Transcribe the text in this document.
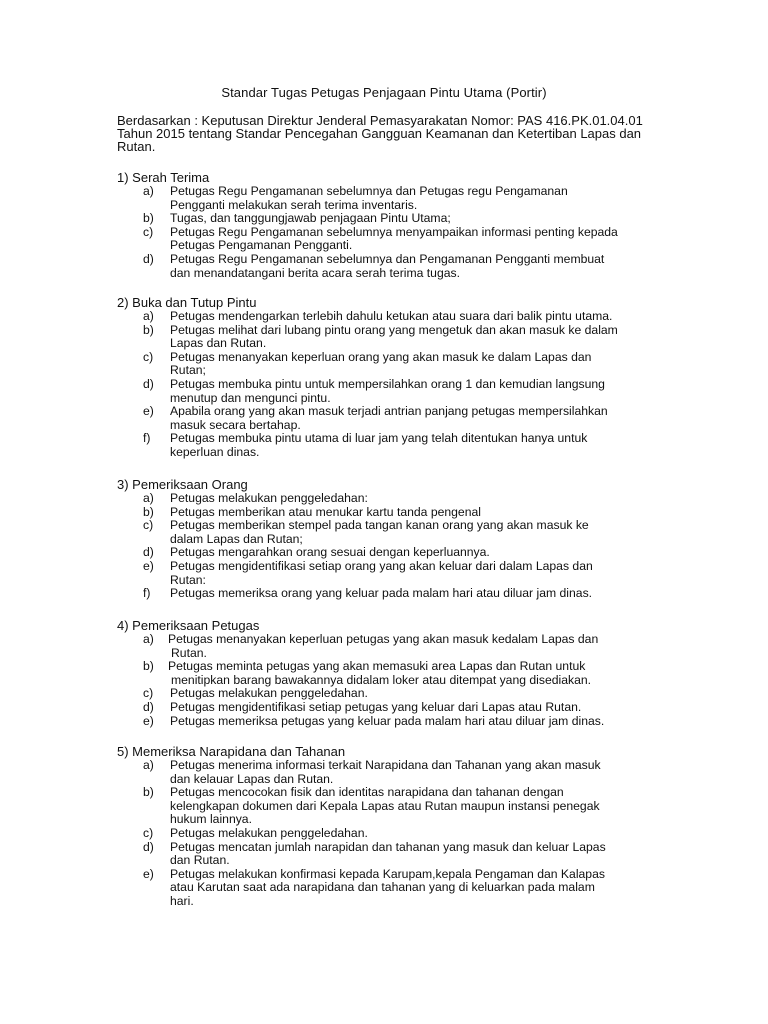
Standar Tugas Petugas Penjagaan Pintu Utama (Portir)
Berdasarkan : Keputusan Direktur Jenderal Pemasyarakatan Nomor: PAS 416.PK.01.04.01
Tahun 2015 tentang Standar Pencegahan Gangguan Keamanan dan Ketertiban Lapas dan
Rutan.
1) Serah Terima
a) Petugas Regu Pengamanan sebelumnya dan Petugas regu Pengamanan
Pengganti melakukan serah terima inventaris.
b) Tugas, dan tanggungjawab penjagaan Pintu Utama;
c) Petugas Regu Pengamanan sebelumnya menyampaikan informasi penting kepada
Petugas Pengamanan Pengganti.
d) Petugas Regu Pengamanan sebelumnya dan Pengamanan Pengganti membuat
dan menandatangani berita acara serah terima tugas.
2) Buka dan Tutup Pintu
a) Petugas mendengarkan terlebih dahulu ketukan atau suara dari balik pintu utama.
b) Petugas melihat dari lubang pintu orang yang mengetuk dan akan masuk ke dalam
Lapas dan Rutan.
c) Petugas menanyakan keperluan orang yang akan masuk ke dalam Lapas dan
Rutan;
d) Petugas membuka pintu untuk mempersilahkan orang 1 dan kemudian langsung
menutup dan mengunci pintu.
e) Apabila orang yang akan masuk terjadi antrian panjang petugas mempersilahkan
masuk secara bertahap.
f) Petugas membuka pintu utama di luar jam yang telah ditentukan hanya untuk
keperluan dinas.
3) Pemeriksaan Orang
a) Petugas melakukan penggeledahan:
b) Petugas memberikan atau menukar kartu tanda pengenal
c) Petugas memberikan stempel pada tangan kanan orang yang akan masuk ke
dalam Lapas dan Rutan;
d) Petugas mengarahkan orang sesuai dengan keperluannya.
e) Petugas mengidentifikasi setiap orang yang akan keluar dari dalam Lapas dan
Rutan:
f) Petugas memeriksa orang yang keluar pada malam hari atau diluar jam dinas.
4) Pemeriksaan Petugas
a) Petugas menanyakan keperluan petugas yang akan masuk kedalam Lapas dan
Rutan.
b) Petugas meminta petugas yang akan memasuki area Lapas dan Rutan untuk
menitipkan barang bawakannya didalam loker atau ditempat yang disediakan.
c) Petugas melakukan penggeledahan.
d) Petugas mengidentifikasi setiap petugas yang keluar dari Lapas atau Rutan.
e) Petugas memeriksa petugas yang keluar pada malam hari atau diluar jam dinas.
5) Memeriksa Narapidana dan Tahanan
a) Petugas menerima informasi terkait Narapidana dan Tahanan yang akan masuk
dan kelauar Lapas dan Rutan.
b) Petugas mencocokan fisik dan identitas narapidana dan tahanan dengan
kelengkapan dokumen dari Kepala Lapas atau Rutan maupun instansi penegak
hukum lainnya.
c) Petugas melakukan penggeledahan.
d) Petugas mencatan jumlah narapidan dan tahanan yang masuk dan keluar Lapas
dan Rutan.
e) Petugas melakukan konfirmasi kepada Karupam,kepala Pengaman dan Kalapas
atau Karutan saat ada narapidana dan tahanan yang di keluarkan pada malam
hari.
